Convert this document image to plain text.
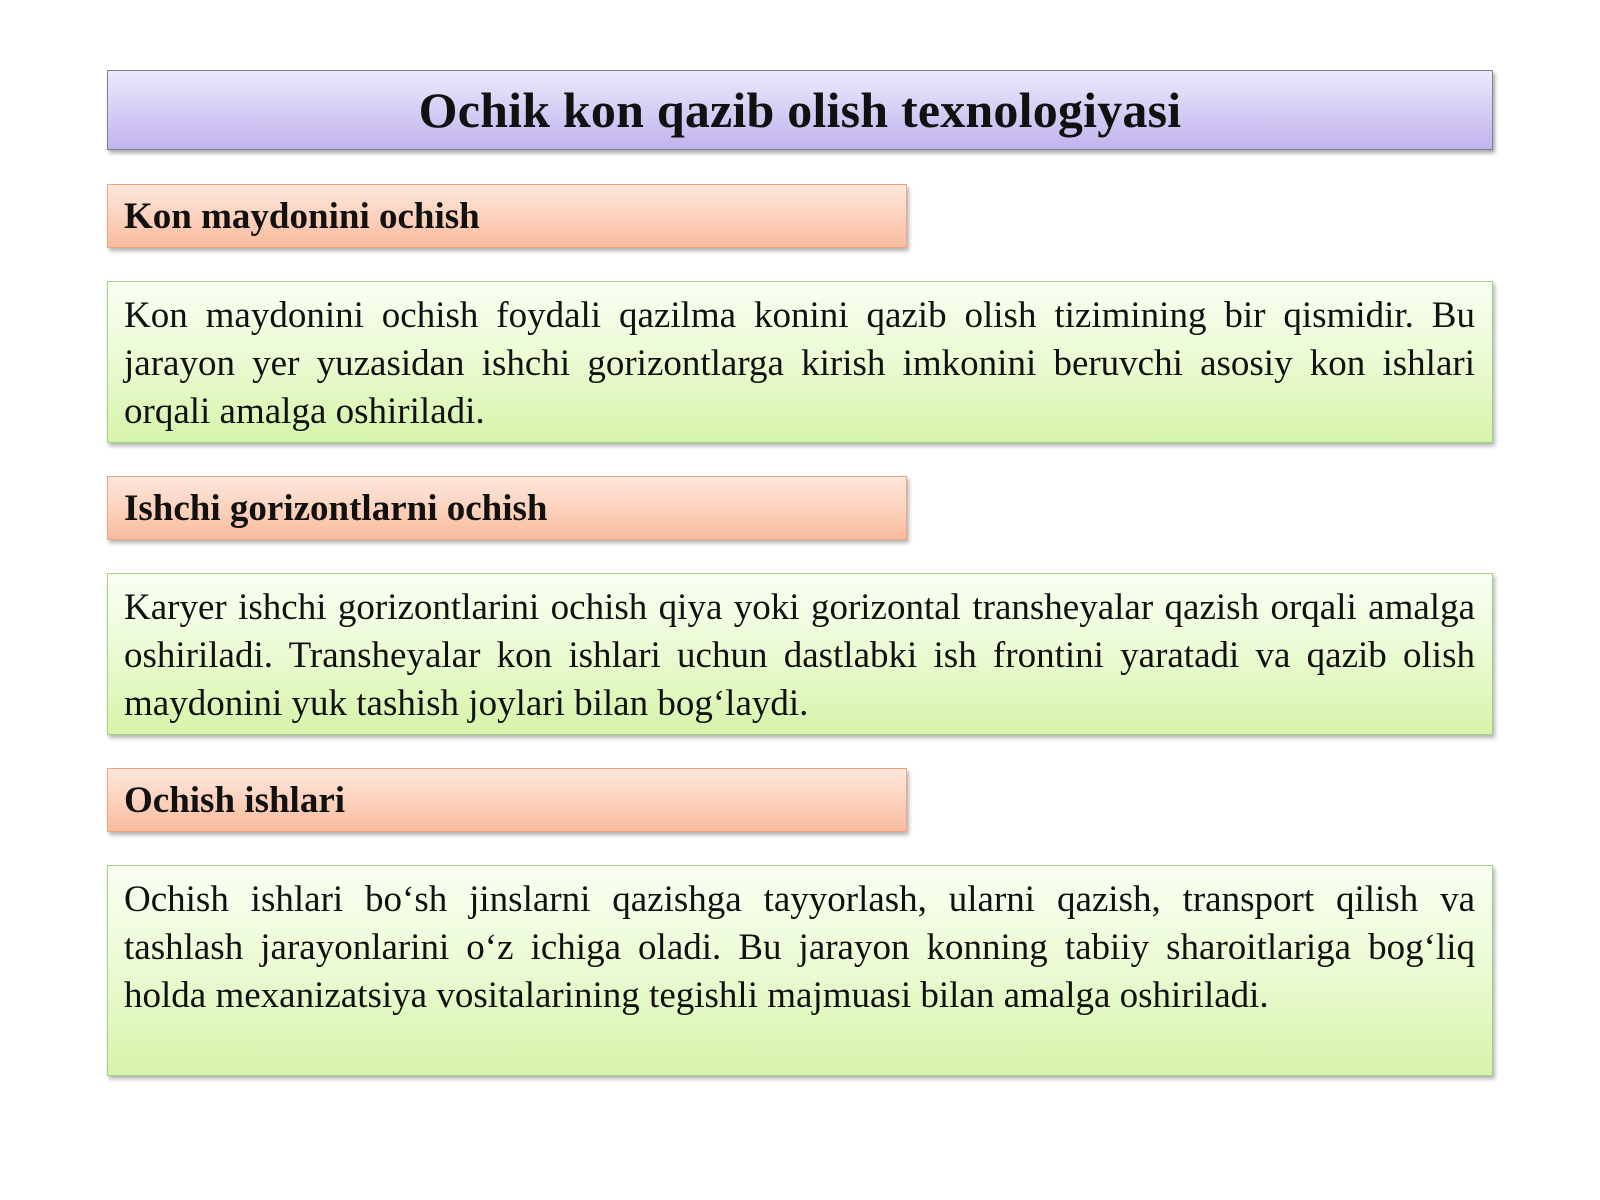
Ochik kon qazib olish texnologiyasi
Kon maydonini ochish

Kon maydonini ochish foydali qazilma konini qazib olish tizimining bir qismidir. Bu jarayon yer yuzasidan ishchi gorizontlarga kirish imkonini beruvchi asosiy kon ishlari orqali amalga oshiriladi.

Ishchi gorizontlarni ochish

Karyer ishchi gorizontlarini ochish qiya yoki gorizontal transheyalar qazish orqali amalga oshiriladi. Transheyalar kon ishlari uchun dastlabki ish frontini yaratadi va qazib olish maydonini yuk tashish joylari bilan bog‘laydi.

Ochish ishlari

Ochish ishlari bo‘sh jinslarni qazishga tayyorlash, ularni qazish, transport qilish va tashlash jarayonlarini o‘z ichiga oladi. Bu jarayon konning tabiiy sharoitlariga bog‘liq holda mexanizatsiya vositalarining tegishli majmuasi bilan amalga oshiriladi.
